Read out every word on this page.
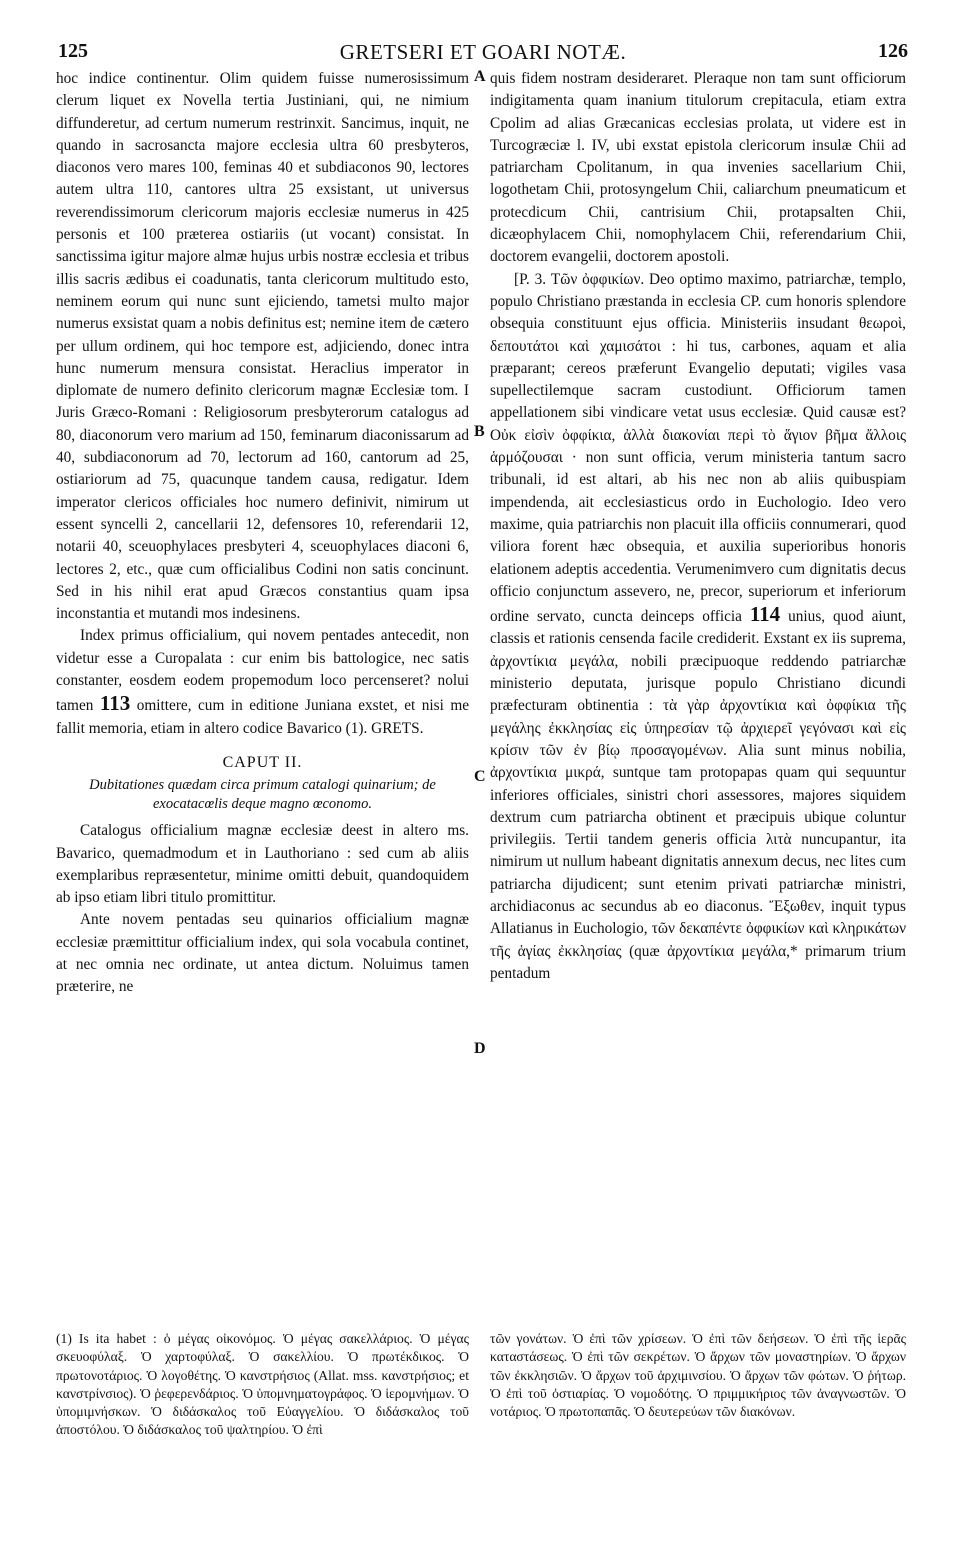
125	GRETSERI ET GOARI NOTÆ.	126
A
B
C
D

hoc indice continentur. Olim quidem fuisse numerosissimum clerum liquet ex Novella tertia Justiniani, qui, ne nimium diffunderetur, ad certum numerum restrinxit. Sancimus, inquit, ne quando in sacrosancta majore ecclesia ultra 60 presbyteros, diaconos vero mares 100, feminas 40 et subdiaconos 90, lectores autem ultra 110, cantores ultra 25 exsistant, ut universus reverendissimorum clericorum majoris ecclesiæ numerus in 425 personis et 100 præterea ostiariis (ut vocant) consistat. In sanctissima igitur majore almæ hujus urbis nostræ ecclesia et tribus illis sacris ædibus ei coadunatis, tanta clericorum multitudo esto, neminem eorum qui nunc sunt ejiciendo, tametsi multo major numerus exsistat quam a nobis definitus est; nemine item de cætero per ullum ordinem, qui hoc tempore est, adjiciendo, donec intra hunc numerum mensura consistat. Heraclius imperator in diplomate de numero definito clericorum magnæ Ecclesiæ tom. I Juris Græco-Romani : Religiosorum presbyterorum catalogus ad 80, diaconorum vero marium ad 150, feminarum diaconissarum ad 40, subdiaconorum ad 70, lectorum ad 160, cantorum ad 25, ostiariorum ad 75, quacunque tandem causa, redigatur. Idem imperator clericos officiales hoc numero definivit, nimirum ut essent syncelli 2, cancellarii 12, defensores 10, referendarii 12, notarii 40, sceuophylaces presbyteri 4, sceuophylaces diaconi 6, lectores 2, etc., quæ cum officialibus Codini non satis concinunt. Sed in his nihil erat apud Græcos constantius quam ipsa inconstantia et mutandi mos indesinens.

Index primus officialium, qui novem pentades antecedit, non videtur esse a Curopalata : cur enim bis battologice, nec satis constanter, eosdem eodem propemodum loco percenseret? nolui tamen 113 omittere, cum in editione Juniana exstet, et nisi me fallit memoria, etiam in altero codice Bavarico (1). GRETS.

CAPUT II.
Dubitationes quædam circa primum catalogi quinarium; de exocatacœlis deque magno œconomo.

Catalogus officialium magnæ ecclesiæ deest in altero ms. Bavarico, quemadmodum et in Lauthoriano : sed cum ab aliis exemplaribus repræsentetur, minime omitti debuit, quandoquidem ab ipso etiam libri titulo promittitur.

Ante novem pentadas seu quinarios officialium magnæ ecclesiæ præmittitur officialium index, qui sola vocabula continet, at nec omnia nec ordinate, ut antea dictum. Noluimus tamen præterire, ne

quis fidem nostram desideraret. Pleraque non tam sunt officiorum indigitamenta quam inanium titulorum crepitacula, etiam extra Cpolim ad alias Græcanicas ecclesias prolata, ut videre est in Turcogræciæ l. IV, ubi exstat epistola clericorum insulæ Chii ad patriarcham Cpolitanum, in qua invenies sacellarium Chii, logothetam Chii, protosyngelum Chii, caliarchum pneumaticum et protecdicum Chii, cantrisium Chii, protapsalten Chii, dicæophylacem Chii, nomophylacem Chii, referendarium Chii, doctorem evangelii, doctorem apostoli.

[P. 3. Τῶν ὀφφικίων. Deo optimo maximo, patriarchæ, templo, populo Christiano præstanda in ecclesia CP. cum honoris splendore obsequia constituunt ejus officia. Ministeriis insudant θεωροὶ, δεπουτάτοι καὶ χαμισάτοι : hi tus, carbones, aquam et alia præparant; cereos præferunt Evangelio deputati; vigiles vasa supellectilemque sacram custodiunt. Officiorum tamen appellationem sibi vindicare vetat usus ecclesiæ. Quid causæ est? Οὐκ εἰσὶν ὀφφίκια, ἀλλὰ διακονίαι περὶ τὸ ἅγιον βῆμα ἄλλοις ἁρμόζουσαι · non sunt officia, verum ministeria tantum sacro tribunali, id est altari, ab his nec non ab aliis quibuspiam impendenda, ait ecclesiasticus ordo in Euchologio. Ideo vero maxime, quia patriarchis non placuit illa officiis connumerari, quod viliora forent hæc obsequia, et auxilia superioribus honoris elationem adeptis accedentia. Verumenimvero cum dignitatis decus officio conjunctum assevero, ne, precor, superiorum et inferiorum ordine servato, cuncta deinceps officia 114 unius, quod aiunt, classis et rationis censenda facile crediderit. Exstant ex iis suprema, ἀρχοντίκια μεγάλα, nobili præcipuoque reddendo patriarchæ ministerio deputata, jurisque populo Christiano dicundi præfecturam obtinentia : τὰ γὰρ ἀρχοντίκια καὶ ὀφφίκια τῆς μεγάλης ἐκκλησίας εἰς ὑπηρεσίαν τῷ ἀρχιερεῖ γεγόνασι καὶ εἰς κρίσιν τῶν ἐν βίῳ προσαγομένων. Alia sunt minus nobilia, ἀρχοντίκια μικρά, suntque tam protopapas quam qui sequuntur inferiores officiales, sinistri chori assessores, majores siquidem dextrum cum patriarcha obtinent et præcipuis ubique coluntur privilegiis. Tertii tandem generis officia λιτὰ nuncupantur, ita nimirum ut nullum habeant dignitatis annexum decus, nec lites cum patriarcha dijudicent; sunt etenim privati patriarchæ ministri, archidiaconus ac secundus ab eo diaconus. Ἔξωθεν, inquit typus Allatianus in Euchologio, τῶν δεκαπέντε ὀφφικίων καὶ κληρικάτων τῆς ἁγίας ἐκκλησίας (quæ ἀρχοντίκια μεγάλα,* primarum trium pentadum

(1) Is ita habet : ὁ μέγας οἰκονόμος. Ὁ μέγας σακελλάριος. Ὁ μέγας σκευοφύλαξ. Ὁ χαρτοφύλαξ. Ὁ σακελλίου. Ὁ πρωτέκδικος. Ὁ πρωτονοτάριος. Ὁ λογοθέτης. Ὁ κανστρήσιος (Allat. mss. κανστρήσιος; et κανστρίνσιος). Ὁ ῥεφερενδάριος. Ὁ ὑπομνηματογράφος. Ὁ ἱερομνήμων. Ὁ ὑπομιμνήσκων. Ὁ διδάσκαλος τοῦ Εὐαγγελίου. Ὁ διδάσκαλος τοῦ ἀποστόλου. Ὁ διδάσκαλος τοῦ ψαλτηρίου. Ὁ ἐπὶ

τῶν γονάτων. Ὁ ἐπὶ τῶν χρίσεων. Ὁ ἐπὶ τῶν δεήσεων. Ὁ ἐπὶ τῆς ἱερᾶς καταστάσεως. Ὁ ἐπὶ τῶν σεκρέτων. Ὁ ἄρχων τῶν μοναστηρίων. Ὁ ἄρχων τῶν ἐκκλησιῶν. Ὁ ἄρχων τοῦ ἀρχιμινσίου. Ὁ ἄρχων τῶν φώτων. Ὁ ῥήτωρ. Ὁ ἐπὶ τοῦ ὀστιαρίας. Ὁ νομοδότης. Ὁ πριμμικήριος τῶν ἀναγνωστῶν. Ὁ νοτάριος. Ὁ πρωτοπαπᾶς. Ὁ δευτερεύων τῶν διακόνων.
